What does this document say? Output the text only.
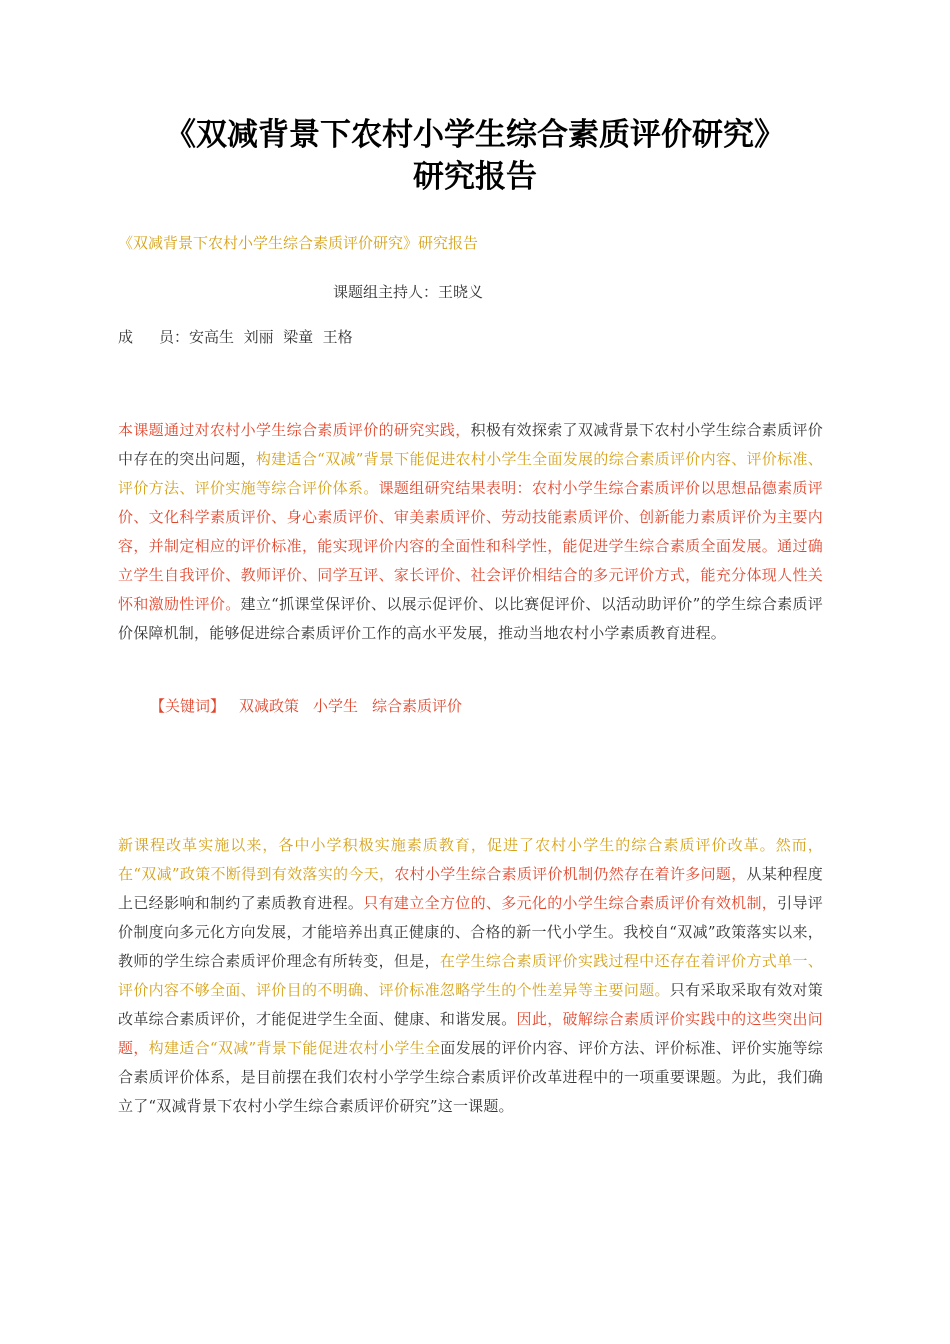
《双减背景下农村小学生综合素质评价研究》
研究报告
《双减背景下农村小学生综合素质评价研究》研究报告
课题组主持人：王晓义
成 员：安高生  刘丽  梁童  王格

本课题通过对农村小学生综合素质评价的研究实践，积极有效探索了双减背景下农村小学生综合素质评价中存在的突出问题，构建适合“双减”背景下能促进农村小学生全面发展的综合素质评价内容、评价标准、评价方法、评价实施等综合评价体系。课题组研究结果表明：农村小学生综合素质评价以思想品德素质评价、文化科学素质评价、身心素质评价、审美素质评价、劳动技能素质评价、创新能力素质评价为主要内容，并制定相应的评价标准，能实现评价内容的全面性和科学性，能促进学生综合素质全面发展。通过确立学生自我评价、教师评价、同学互评、家长评价、社会评价相结合的多元评价方式，能充分体现人性关怀和激励性评价。建立“抓课堂保评价、以展示促评价、以比赛促评价、以活动助评价”的学生综合素质评价保障机制，能够促进综合素质评价工作的高水平发展，推动当地农村小学素质教育进程。

【关键词】 双减政策 小学生 综合素质评价

新课程改革实施以来，各中小学积极实施素质教育，促进了农村小学生的综合素质评价改革。然而，在“双减”政策不断得到有效落实的今天，农村小学生综合素质评价机制仍然存在着许多问题，从某种程度上已经影响和制约了素质教育进程。只有建立全方位的、多元化的小学生综合素质评价有效机制，引导评价制度向多元化方向发展，才能培养出真正健康的、合格的新一代小学生。我校自“双减”政策落实以来，教师的学生综合素质评价理念有所转变，但是，在学生综合素质评价实践过程中还存在着评价方式单一、评价内容不够全面、评价目的不明确、评价标准忽略学生的个性差异等主要问题。只有采取采取有效对策改革综合素质评价，才能促进学生全面、健康、和谐发展。因此，破解综合素质评价实践中的这些突出问题，构建适合“双减”背景下能促进农村小学生全面发展的评价内容、评价方法、评价标准、评价实施等综合素质评价体系，是目前摆在我们农村小学学生综合素质评价改革进程中的一项重要课题。为此，我们确立了“双减背景下农村小学生综合素质评价研究”这一课题。
